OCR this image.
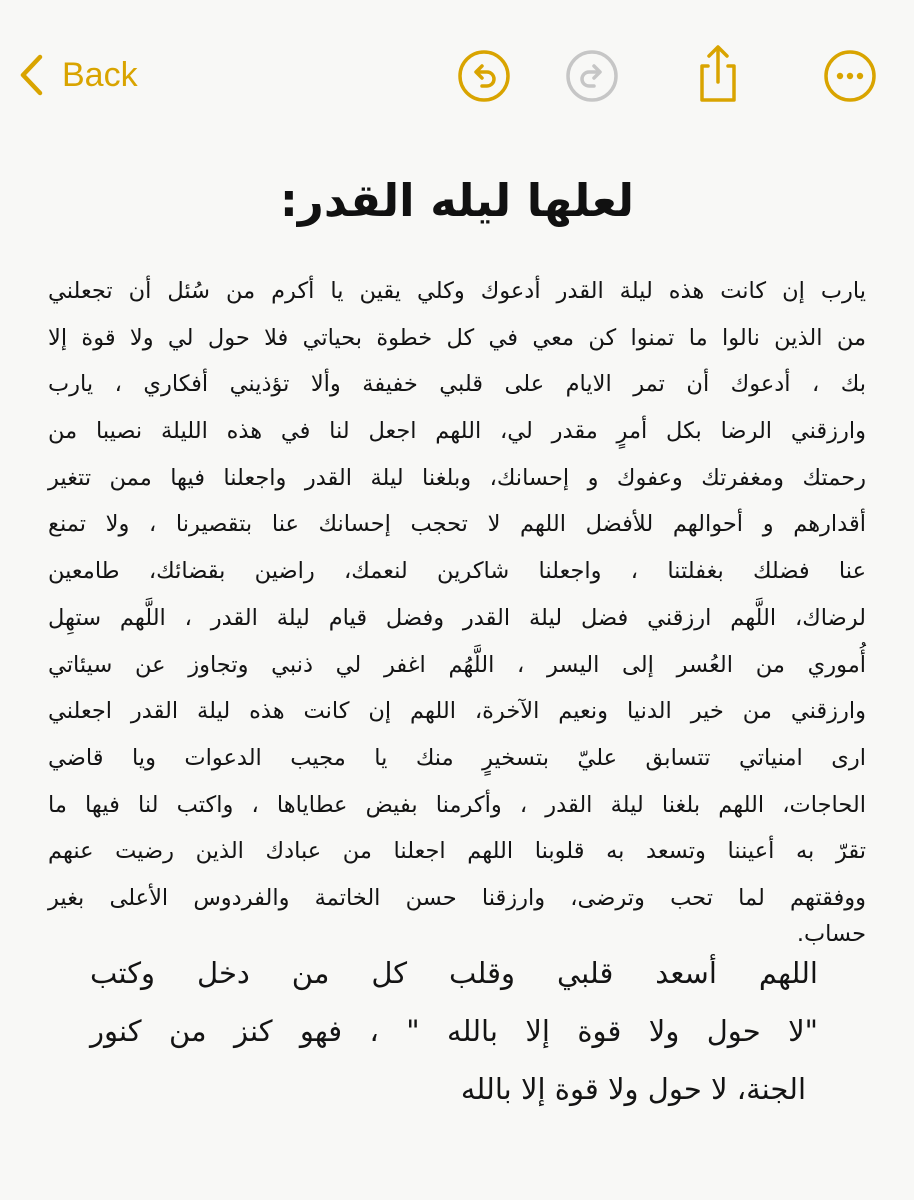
Back
لعلها ليله القدر:
يارب إن كانت هذه ليلة القدر أدعوك وكلي يقين يا أكرم من سُئل أن تجعلني
من الذين نالوا ما تمنوا كن معي في كل خطوة بحياتي فلا حول لي ولا قوة إلا
بك ، أدعوك أن تمر الايام على قلبي خفيفة وألا تؤذيني أفكاري ، يارب
وارزقني الرضا بكل أمرٍ مقدر لي، اللهم اجعل لنا في هذه الليلة نصيبا من
رحمتك ومغفرتك وعفوك و إحسانك، وبلغنا ليلة القدر واجعلنا فيها ممن تتغير
أقدارهم و أحوالهم للأفضل اللهم لا تحجب إحسانك عنا بتقصيرنا ، ولا تمنع
عنا فضلك بغفلتنا ، واجعلنا شاكرين لنعمك، راضين بقضائك، طامعين
لرضاك، اللَّهم ارزقني فضل ليلة القدر وفضل قيام ليلة القدر ، اللَّهم ستهِل
أُموري من العُسر إلى اليسر ، اللَّهُم اغفر لي ذنبي وتجاوز عن سيئاتي
وارزقني من خير الدنيا ونعيم الآخرة، اللهم إن كانت هذه ليلة القدر اجعلني
ارى امنياتي تتسابق عليّ بتسخيرٍ منك يا مجيب الدعوات ويا قاضي
الحاجات، اللهم بلغنا ليلة القدر ، وأكرمنا بفيض عطاياها ، واكتب لنا فيها ما
تقرّ به أعيننا وتسعد به قلوبنا اللهم اجعلنا من عبادك الذين رضيت عنهم
ووفقتهم لما تحب وترضى، وارزقنا حسن الخاتمة والفردوس الأعلى بغير
حساب.
اللهم أسعد قلبي وقلب كل من دخل وكتب
"لا حول ولا قوة إلا بالله " ، فهو كنز من كنور
الجنة، لا حول ولا قوة إلا بالله
